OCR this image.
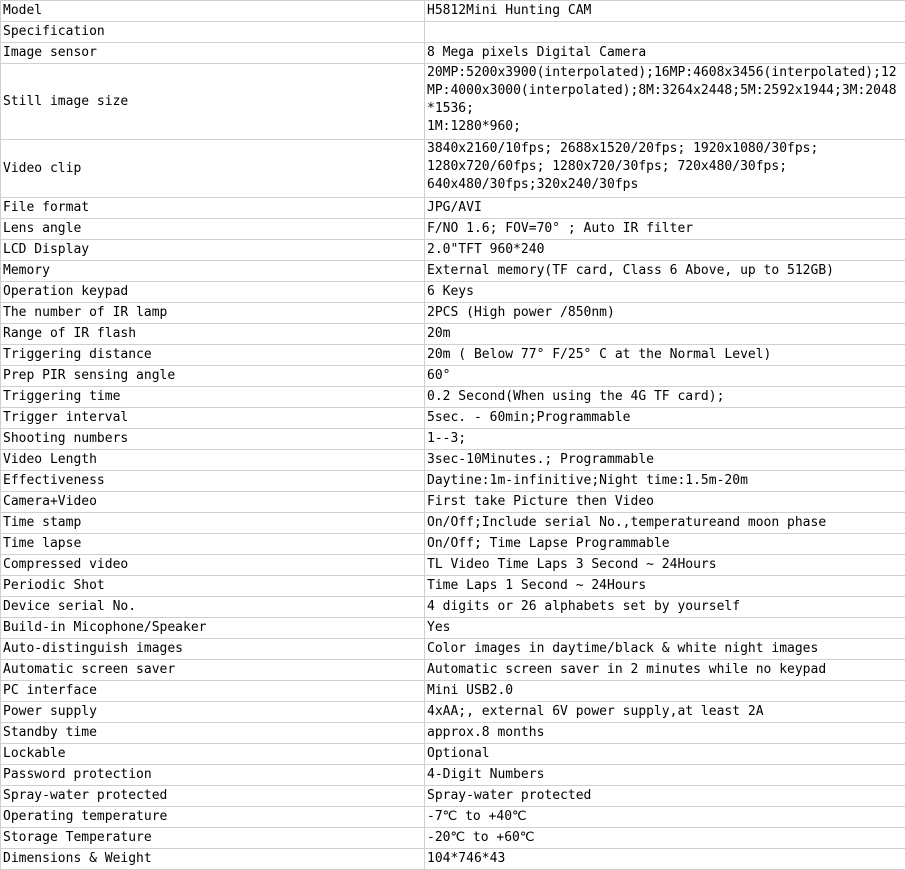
Model	H5812Mini Hunting CAM
Specification	
Image sensor	8 Mega pixels Digital Camera
Still image size	20MP:5200x3900(interpolated);16MP:4608x3456(interpolated);12MP:4000x3000(interpolated);8M:3264x2448;5M:2592x1944;3M:2048*1536;
1M:1280*960;
Video clip	3840x2160/10fps; 2688x1520/20fps; 1920x1080/30fps;
1280x720/60fps; 1280x720/30fps; 720x480/30fps;
640x480/30fps;320x240/30fps
File format	JPG/AVI
Lens angle	F/NO 1.6; FOV=70° ; Auto IR filter
LCD Display	2.0"TFT 960*240
Memory	External memory(TF card, Class 6 Above, up to 512GB)
Operation keypad	6 Keys
The number of IR lamp	2PCS (High power /850nm)
Range of IR flash	20m
Triggering distance	20m ( Below 77° F/25° C at the Normal Level)
Prep PIR sensing angle	60°
Triggering time	0.2 Second(When using the 4G TF card);
Trigger interval	5sec. - 60min;Programmable
Shooting numbers	1--3;
Video Length	3sec-10Minutes.; Programmable
Effectiveness	Daytine:1m-infinitive;Night time:1.5m-20m
Camera+Video	First take Picture then Video
Time stamp	On/Off;Include serial No.,temperatureand moon phase
Time lapse	On/Off; Time Lapse Programmable
Compressed video	TL Video Time Laps 3 Second ~ 24Hours
Periodic Shot	Time Laps 1 Second ~ 24Hours
Device serial No.	4 digits or 26 alphabets set by yourself
Build-in Micophone/Speaker	Yes
Auto-distinguish images	Color images in daytime/black & white night images
Automatic screen saver	Automatic screen saver in 2 minutes while no keypad
PC interface	Mini USB2.0
Power supply	4xAA;, external 6V power supply,at least 2A
Standby time	approx.8 months
Lockable	Optional
Password protection	4-Digit Numbers
Spray-water protected	Spray-water protected
Operating temperature	-7℃ to +40℃
Storage Temperature	-20℃ to +60℃
Dimensions & Weight	104*746*43
